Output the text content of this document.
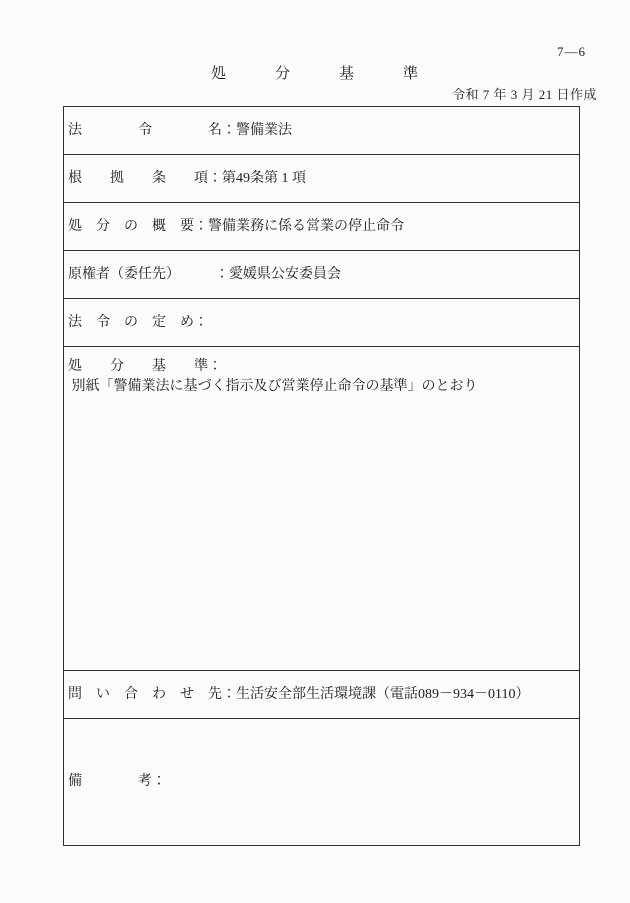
7―6
処　　　分　　　基　　　準
令和 7 年 3 月 21 日作成
法　　　　令　　　　名：警備業法
根　　拠　　条　　項：第49条第 1 項
処　分　の　概　要：警備業務に係る営業の停止命令
原権者（委任先）　　　：愛媛県公安委員会
法　令　の　定　め：

処　　分　　基　　準：
別紙「警備業法に基づく指示及び営業停止命令の基準」のとおり

問　い　合　わ　せ　先：生活安全部生活環境課（電話089－934－0110）
備　　　　考：
